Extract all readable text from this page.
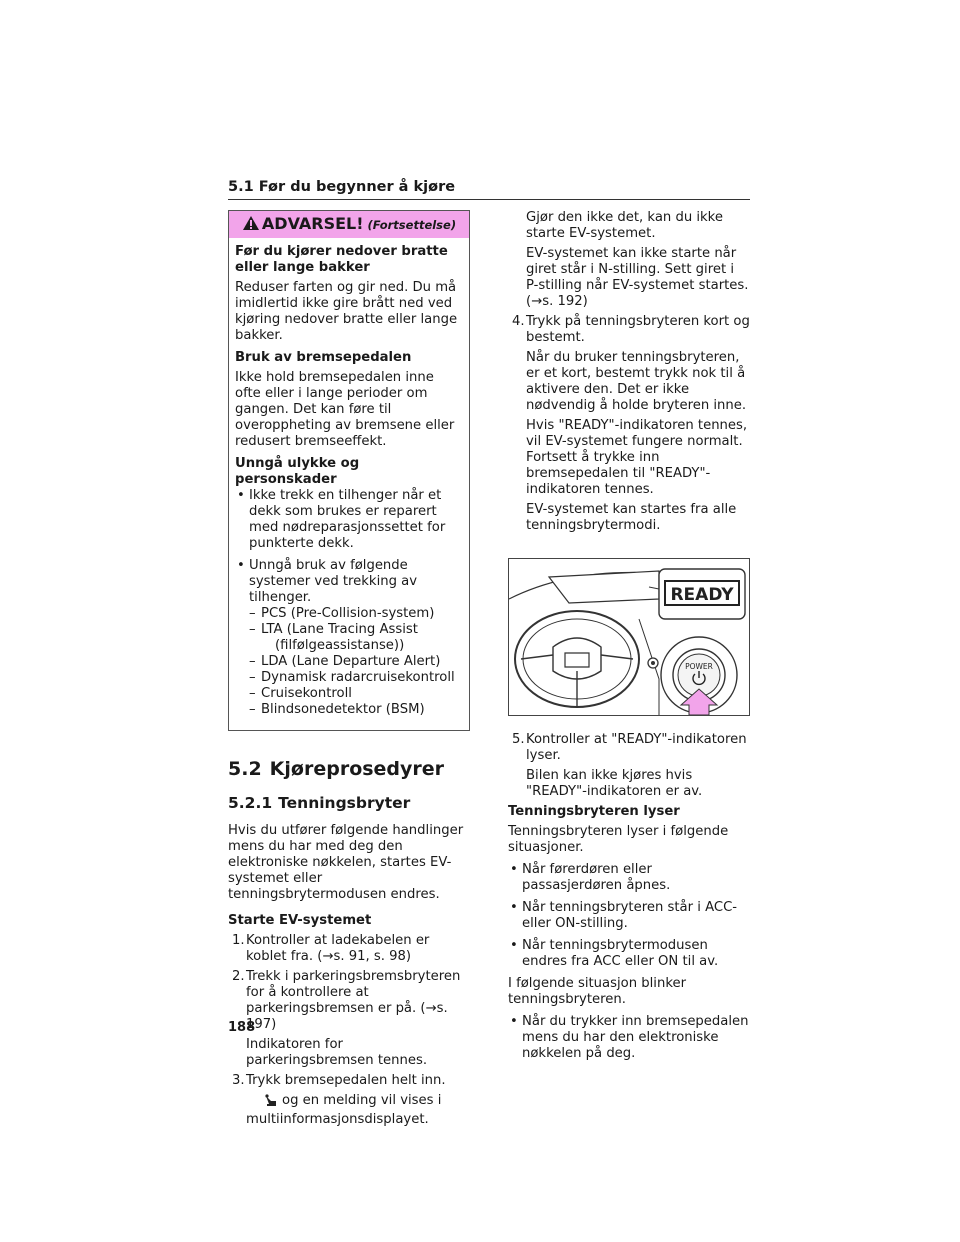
5.1 Før du begynner å kjøre
ADVARSEL! (Fortsettelse)
Før du kjører nedover bratte eller lange bakker

Reduser farten og gir ned. Du må imidlertid ikke gire brått ned ved kjøring nedover bratte eller lange bakker.

Bruk av bremsepedalen

Ikke hold bremsepedalen inne ofte eller i lange perioder om gangen. Det kan føre til overoppheting av bremsene eller redusert bremseeffekt.

Unngå ulykke og personskader
• Ikke trekk en tilhenger når et dekk som brukes er reparert med nødreparasjonssettet for punkterte dekk.
• Unngå bruk av følgende systemer ved trekking av tilhenger.
– PCS (Pre-Collision-system)
– LTA (Lane Tracing Assist
(filfølgeassistanse))
– LDA (Lane Departure Alert)
– Dynamisk radarcruisekontroll
– Cruisekontroll
– Blindsonedetektor (BSM)
5.2 Kjøreprosedyrer
5.2.1 Tenningsbryter

Hvis du utfører følgende handlinger mens du har med deg den elektroniske nøkkelen, startes EV-systemet eller tenningsbrytermodusen endres.

Starte EV-systemet
1. Kontroller at ladekabelen er koblet fra. (→s. 91, s. 98)
2. Trekk i parkeringsbremsbryteren for å kontrollere at parkeringsbremsen er på. (→s. 197)

Indikatoren for parkeringsbremsen tennes.

3. Trykk bremsepedalen helt inn.

og en melding vil vises i multiinformasjonsdisplayet.

Gjør den ikke det, kan du ikke starte EV-systemet.

EV-systemet kan ikke starte når giret står i N-stilling. Sett giret i P-stilling når EV-systemet startes. (→s. 192)

4. Trykk på tenningsbryteren kort og bestemt.

Når du bruker tenningsbryteren, er et kort, bestemt trykk nok til å aktivere den. Det er ikke nødvendig å holde bryteren inne.

Hvis "READY"-indikatoren tennes, vil EV-systemet fungere normalt. Fortsett å trykke inn bremsepedalen til "READY"-indikatoren tennes.

EV-systemet kan startes fra alle tenningsbrytermodi.

READY
POWER
5. Kontroller at "READY"-indikatoren lyser.

Bilen kan ikke kjøres hvis "READY"-indikatoren er av.

Tenningsbryteren lyser

Tenningsbryteren lyser i følgende situasjoner.

• Når førerdøren eller passasjerdøren åpnes.
• Når tenningsbryteren står i ACC- eller ON-stilling.
• Når tenningsbrytermodusen endres fra ACC eller ON til av.

I følgende situasjon blinker tenningsbryteren.

• Når du trykker inn bremsepedalen mens du har den elektroniske nøkkelen på deg.
188
